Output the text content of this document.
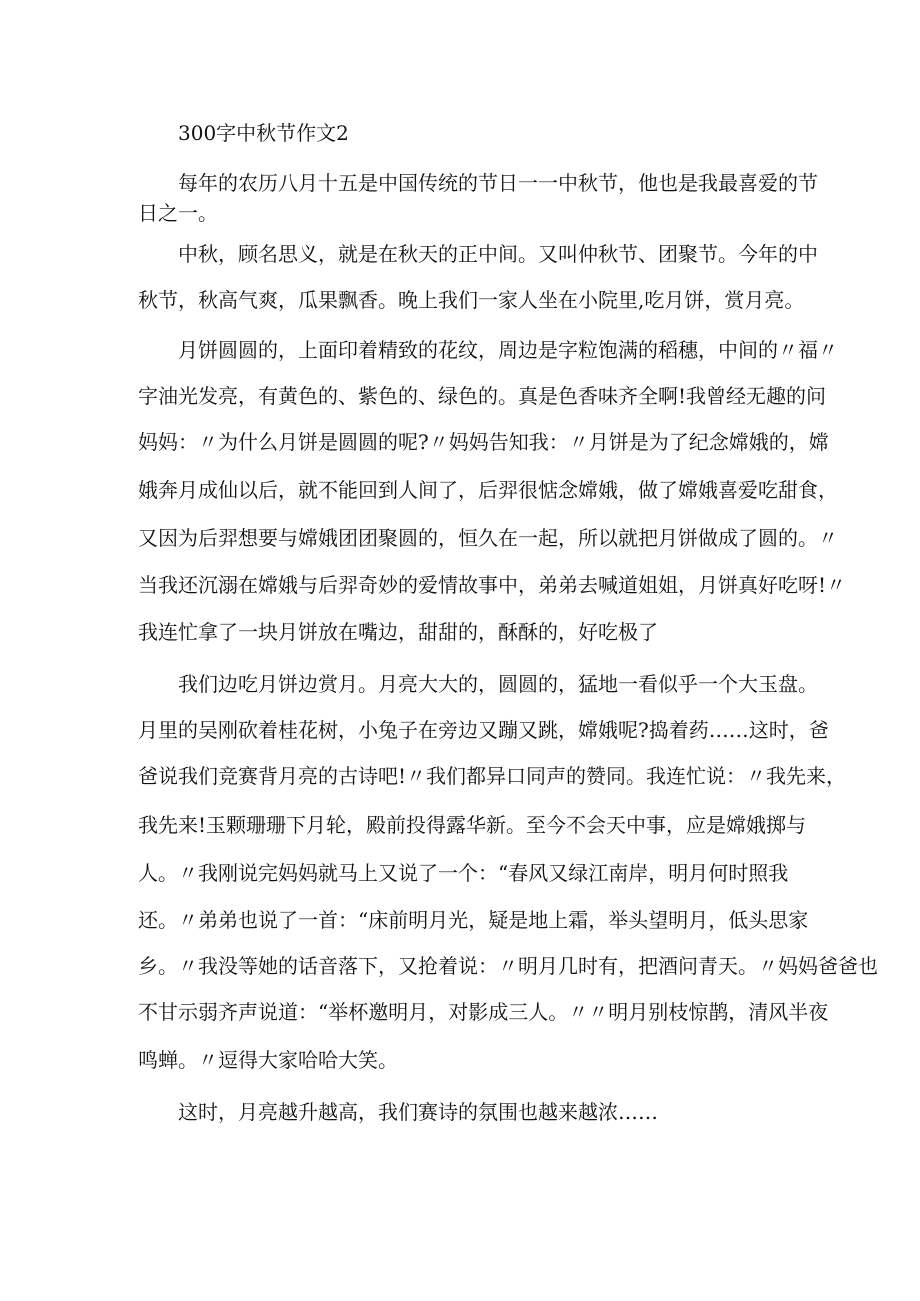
300字中秋节作文2
每年的农历八月十五是中国传统的节日一一中秋节，他也是我最喜爱的节
日之一。
中秋，顾名思义，就是在秋天的正中间。又叫仲秋节、团聚节。今年的中
秋节，秋高气爽，瓜果飘香。晚上我们一家人坐在小院里,吃月饼，赏月亮。
月饼圆圆的，上面印着精致的花纹，周边是字粒饱满的稻穗，中间的〃福〃
字油光发亮，有黄色的、紫色的、绿色的。真是色香味齐全啊!我曾经无趣的问
妈妈：〃为什么月饼是圆圆的呢?〃妈妈告知我：〃月饼是为了纪念嫦娥的，嫦
娥奔月成仙以后，就不能回到人间了，后羿很惦念嫦娥，做了嫦娥喜爱吃甜食，
又因为后羿想要与嫦娥团团聚圆的，恒久在一起，所以就把月饼做成了圆的。〃
当我还沉溺在嫦娥与后羿奇妙的爱情故事中，弟弟去喊道姐姐，月饼真好吃呀!〃
我连忙拿了一块月饼放在嘴边，甜甜的，酥酥的，好吃极了
我们边吃月饼边赏月。月亮大大的，圆圆的，猛地一看似乎一个大玉盘。
月里的吴刚砍着桂花树，小兔子在旁边又蹦又跳，嫦娥呢?捣着药……这时，爸
爸说我们竞赛背月亮的古诗吧!〃我们都异口同声的赞同。我连忙说：〃我先来，
我先来!玉颗珊珊下月轮，殿前投得露华新。至今不会天中事，应是嫦娥掷与
人。〃我刚说完妈妈就马上又说了一个：“春风又绿江南岸，明月何时照我
还。〃弟弟也说了一首：“床前明月光，疑是地上霜，举头望明月，低头思家
乡。〃我没等她的话音落下，又抢着说：〃明月几时有，把酒问青天。〃妈妈爸爸也
不甘示弱齐声说道：“举杯邀明月，对影成三人。〃〃明月别枝惊鹊，清风半夜
鸣蝉。〃逗得大家哈哈大笑。
这时，月亮越升越高，我们赛诗的氛围也越来越浓……
